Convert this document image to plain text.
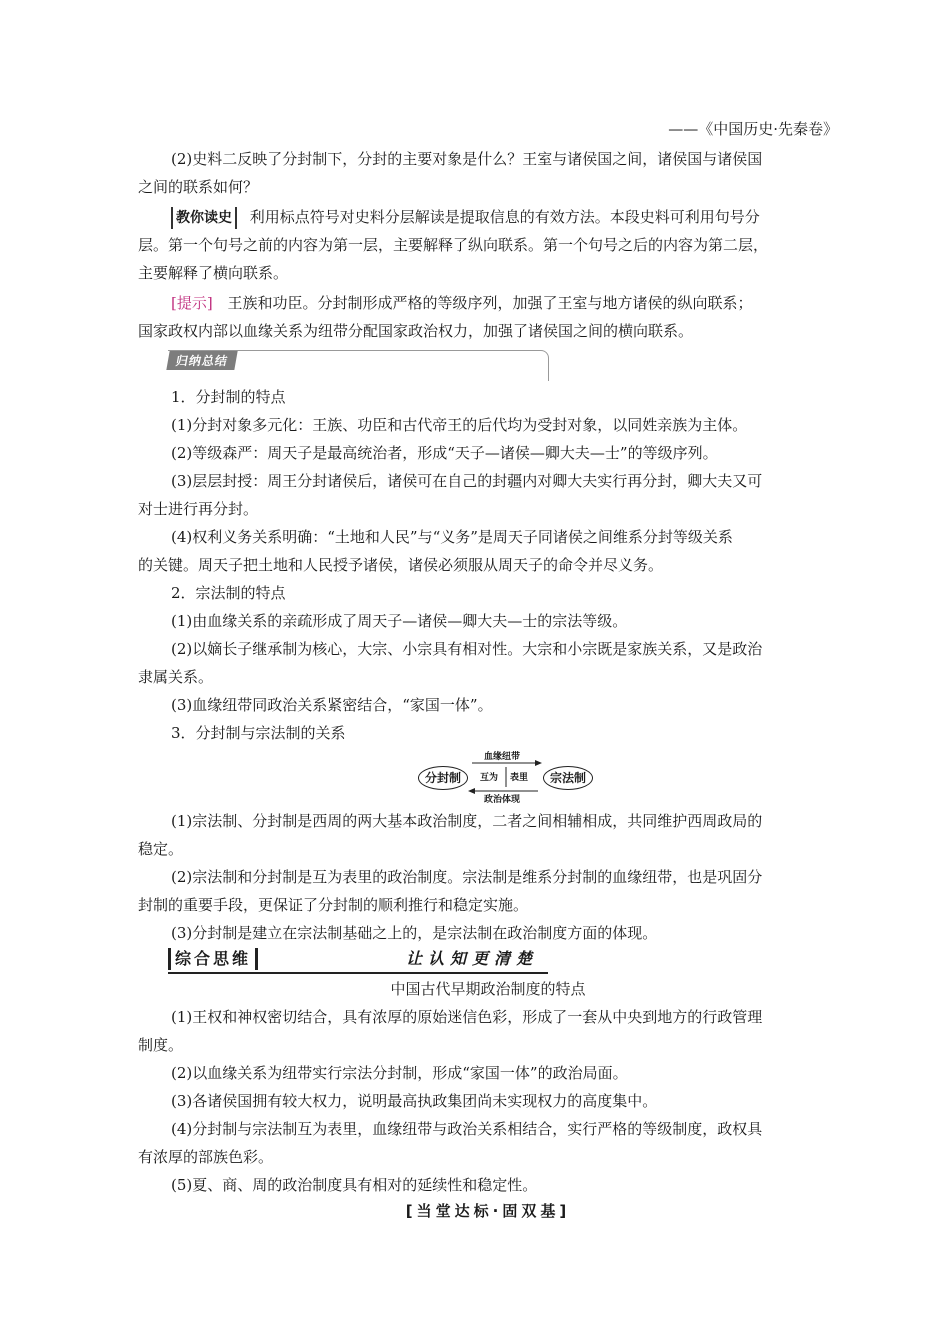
——《中国历史·先秦卷》
(2)史料二反映了分封制下，分封的主要对象是什么？王室与诸侯国之间，诸侯国与诸侯国
之间的联系如何？
教你读史 利用标点符号对史料分层解读是提取信息的有效方法。本段史料可利用句号分
层。第一个句号之前的内容为第一层，主要解释了纵向联系。第一个句号之后的内容为第二层，
主要解释了横向联系。
[提示] 王族和功臣。分封制形成严格的等级序列，加强了王室与地方诸侯的纵向联系；
国家政权内部以血缘关系为纽带分配国家政治权力，加强了诸侯国之间的横向联系。
归纳总结
1．分封制的特点
(1)分封对象多元化：王族、功臣和古代帝王的后代均为受封对象，以同姓亲族为主体。
(2)等级森严：周天子是最高统治者，形成“天子—诸侯—卿大夫—士”的等级序列。
(3)层层封授：周王分封诸侯后，诸侯可在自己的封疆内对卿大夫实行再分封，卿大夫又可
对士进行再分封。
(4)权利义务关系明确：“土地和人民”与“义务”是周天子同诸侯之间维系分封等级关系
的关键。周天子把土地和人民授予诸侯，诸侯必须服从周天子的命令并尽义务。
2．宗法制的特点
(1)由血缘关系的亲疏形成了周天子—诸侯—卿大夫—士的宗法等级。
(2)以嫡长子继承制为核心，大宗、小宗具有相对性。大宗和小宗既是家族关系，又是政治
隶属关系。
(3)血缘纽带同政治关系紧密结合，“家国一体”。
3．分封制与宗法制的关系
分封制	宗法制
血缘纽带
互为 表里
政治体现
(1)宗法制、分封制是西周的两大基本政治制度，二者之间相辅相成，共同维护西周政局的
稳定。
(2)宗法制和分封制是互为表里的政治制度。宗法制是维系分封制的血缘纽带，也是巩固分
封制的重要手段，更保证了分封制的顺利推行和稳定实施。
(3)分封制是建立在宗法制基础之上的，是宗法制在政治制度方面的体现。
综合思维	让认知更清楚
中国古代早期政治制度的特点
(1)王权和神权密切结合，具有浓厚的原始迷信色彩，形成了一套从中央到地方的行政管理
制度。
(2)以血缘关系为纽带实行宗法分封制，形成“家国一体”的政治局面。
(3)各诸侯国拥有较大权力，说明最高执政集团尚未实现权力的高度集中。
(4)分封制与宗法制互为表里，血缘纽带与政治关系相结合，实行严格的等级制度，政权具
有浓厚的部族色彩。
(5)夏、商、周的政治制度具有相对的延续性和稳定性。
[当堂达标·固双基]
